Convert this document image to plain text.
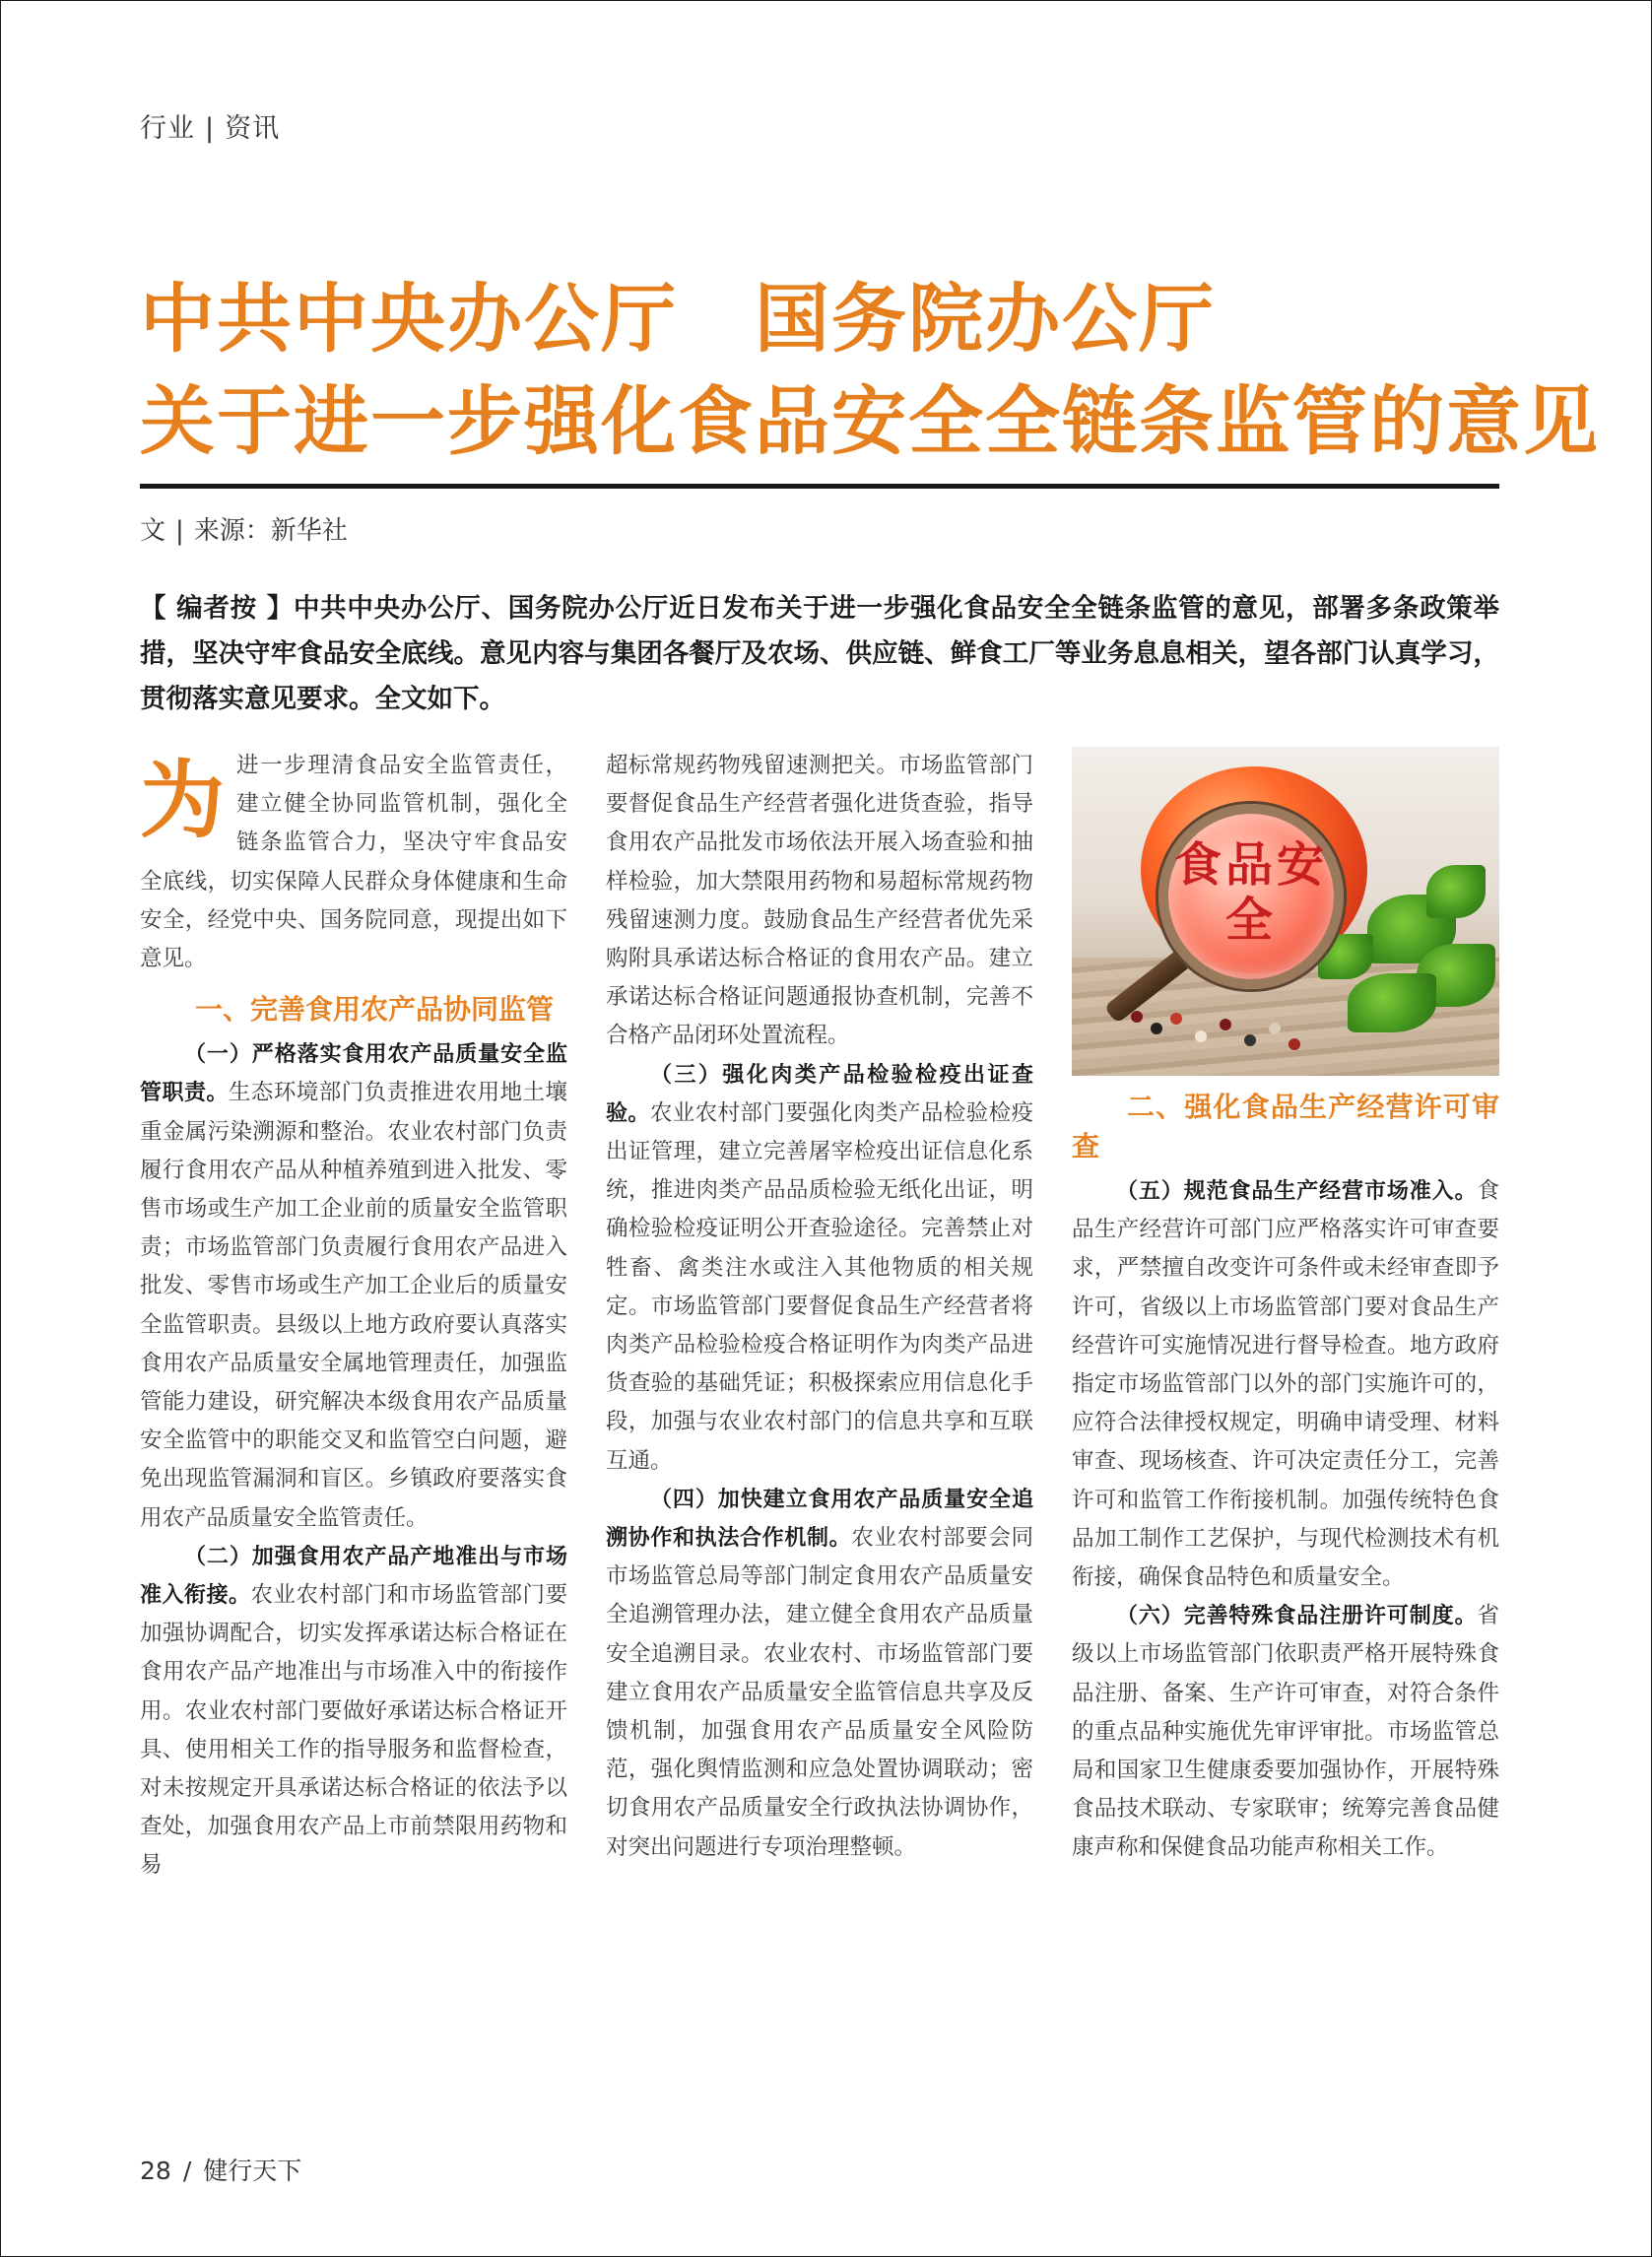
行业 | 资讯
中共中央办公厅　国务院办公厅
关于进一步强化食品安全全链条监管的意见
文 | 来源：新华社
【 编者按 】中共中央办公厅、国务院办公厅近日发布关于进一步强化食品安全全链条监管的意见，部署多条政策举措，坚决守牢食品安全底线。意见内容与集团各餐厅及农场、供应链、鲜食工厂等业务息息相关，望各部门认真学习，贯彻落实意见要求。全文如下。

为进一步理清食品安全监管责任，建立健全协同监管机制，强化全链条监管合力，坚决守牢食品安全底线，切实保障人民群众身体健康和生命安全，经党中央、国务院同意，现提出如下意见。

一、完善食用农产品协同监管

（一）严格落实食用农产品质量安全监管职责。生态环境部门负责推进农用地土壤重金属污染溯源和整治。农业农村部门负责履行食用农产品从种植养殖到进入批发、零售市场或生产加工企业前的质量安全监管职责；市场监管部门负责履行食用农产品进入批发、零售市场或生产加工企业后的质量安全监管职责。县级以上地方政府要认真落实食用农产品质量安全属地管理责任，加强监管能力建设，研究解决本级食用农产品质量安全监管中的职能交叉和监管空白问题，避免出现监管漏洞和盲区。乡镇政府要落实食用农产品质量安全监管责任。

（二）加强食用农产品产地准出与市场准入衔接。农业农村部门和市场监管部门要加强协调配合，切实发挥承诺达标合格证在食用农产品产地准出与市场准入中的衔接作用。农业农村部门要做好承诺达标合格证开具、使用相关工作的指导服务和监督检查，对未按规定开具承诺达标合格证的依法予以查处，加强食用农产品上市前禁限用药物和易

超标常规药物残留速测把关。市场监管部门要督促食品生产经营者强化进货查验，指导食用农产品批发市场依法开展入场查验和抽样检验，加大禁限用药物和易超标常规药物残留速测力度。鼓励食品生产经营者优先采购附具承诺达标合格证的食用农产品。建立承诺达标合格证问题通报协查机制，完善不合格产品闭环处置流程。

（三）强化肉类产品检验检疫出证查验。农业农村部门要强化肉类产品检验检疫出证管理，建立完善屠宰检疫出证信息化系统，推进肉类产品品质检验无纸化出证，明确检验检疫证明公开查验途径。完善禁止对牲畜、禽类注水或注入其他物质的相关规定。市场监管部门要督促食品生产经营者将肉类产品检验检疫合格证明作为肉类产品进货查验的基础凭证；积极探索应用信息化手段，加强与农业农村部门的信息共享和互联互通。

（四）加快建立食用农产品质量安全追溯协作和执法合作机制。农业农村部要会同市场监管总局等部门制定食用农产品质量安全追溯管理办法，建立健全食用农产品质量安全追溯目录。农业农村、市场监管部门要建立食用农产品质量安全监管信息共享及反馈机制，加强食用农产品质量安全风险防范，强化舆情监测和应急处置协调联动；密切食用农产品质量安全行政执法协调协作，对突出问题进行专项治理整顿。

食品安全
二、强化食品生产经营许可审查

（五）规范食品生产经营市场准入。食品生产经营许可部门应严格落实许可审查要求，严禁擅自改变许可条件或未经审查即予许可，省级以上市场监管部门要对食品生产经营许可实施情况进行督导检查。地方政府指定市场监管部门以外的部门实施许可的，应符合法律授权规定，明确申请受理、材料审查、现场核查、许可决定责任分工，完善许可和监管工作衔接机制。加强传统特色食品加工制作工艺保护，与现代检测技术有机衔接，确保食品特色和质量安全。

（六）完善特殊食品注册许可制度。省级以上市场监管部门依职责严格开展特殊食品注册、备案、生产许可审查，对符合条件的重点品种实施优先审评审批。市场监管总局和国家卫生健康委要加强协作，开展特殊食品技术联动、专家联审；统筹完善食品健康声称和保健食品功能声称相关工作。

28 / 健行天下
